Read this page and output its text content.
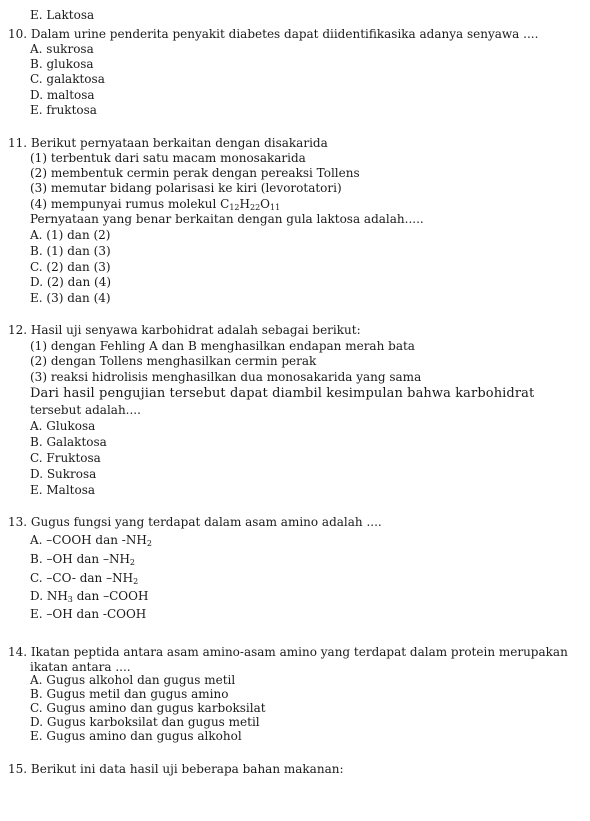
E. Laktosa
10. Dalam urine penderita penyakit diabetes dapat diidentifikasika adanya senyawa ....
A. sukrosa
B. glukosa
C. galaktosa
D. maltosa
E. fruktosa
11. Berikut pernyataan berkaitan dengan disakarida
(1) terbentuk dari satu macam monosakarida
(2) membentuk cermin perak dengan pereaksi Tollens
(3) memutar bidang polarisasi ke kiri (levorotatori)
(4) mempunyai rumus molekul $C_{12}H_{22}O_{11}$
Pernyataan yang benar berkaitan dengan gula laktosa adalah.....
A. (1) dan (2)
B. (1) dan (3)
C. (2) dan (3)
D. (2) dan (4)
E. (3) dan (4)
12. Hasil uji senyawa karbohidrat adalah sebagai berikut:
(1) dengan Fehling A dan B menghasilkan endapan merah bata
(2) dengan Tollens menghasilkan cermin perak
(3) reaksi hidrolisis menghasilkan dua monosakarida yang sama
Dari hasil pengujian tersebut dapat diambil kesimpulan bahwa karbohidrat
tersebut adalah....
A. Glukosa
B. Galaktosa
C. Fruktosa
D. Sukrosa
E. Maltosa
13. Gugus fungsi yang terdapat dalam asam amino adalah ....
A. –COOH dan $-NH_2$
B. –OH dan $-NH_2$
C. –CO- dan $-NH_2$
D. $NH_3$ dan –COOH
E. –OH dan -COOH
14. Ikatan peptida antara asam amino-asam amino yang terdapat dalam protein merupakan
ikatan antara ....
A. Gugus alkohol dan gugus metil
B. Gugus metil dan gugus amino
C. Gugus amino dan gugus karboksilat
D. Gugus karboksilat dan gugus metil
E. Gugus amino dan gugus alkohol
15. Berikut ini data hasil uji beberapa bahan makanan:
